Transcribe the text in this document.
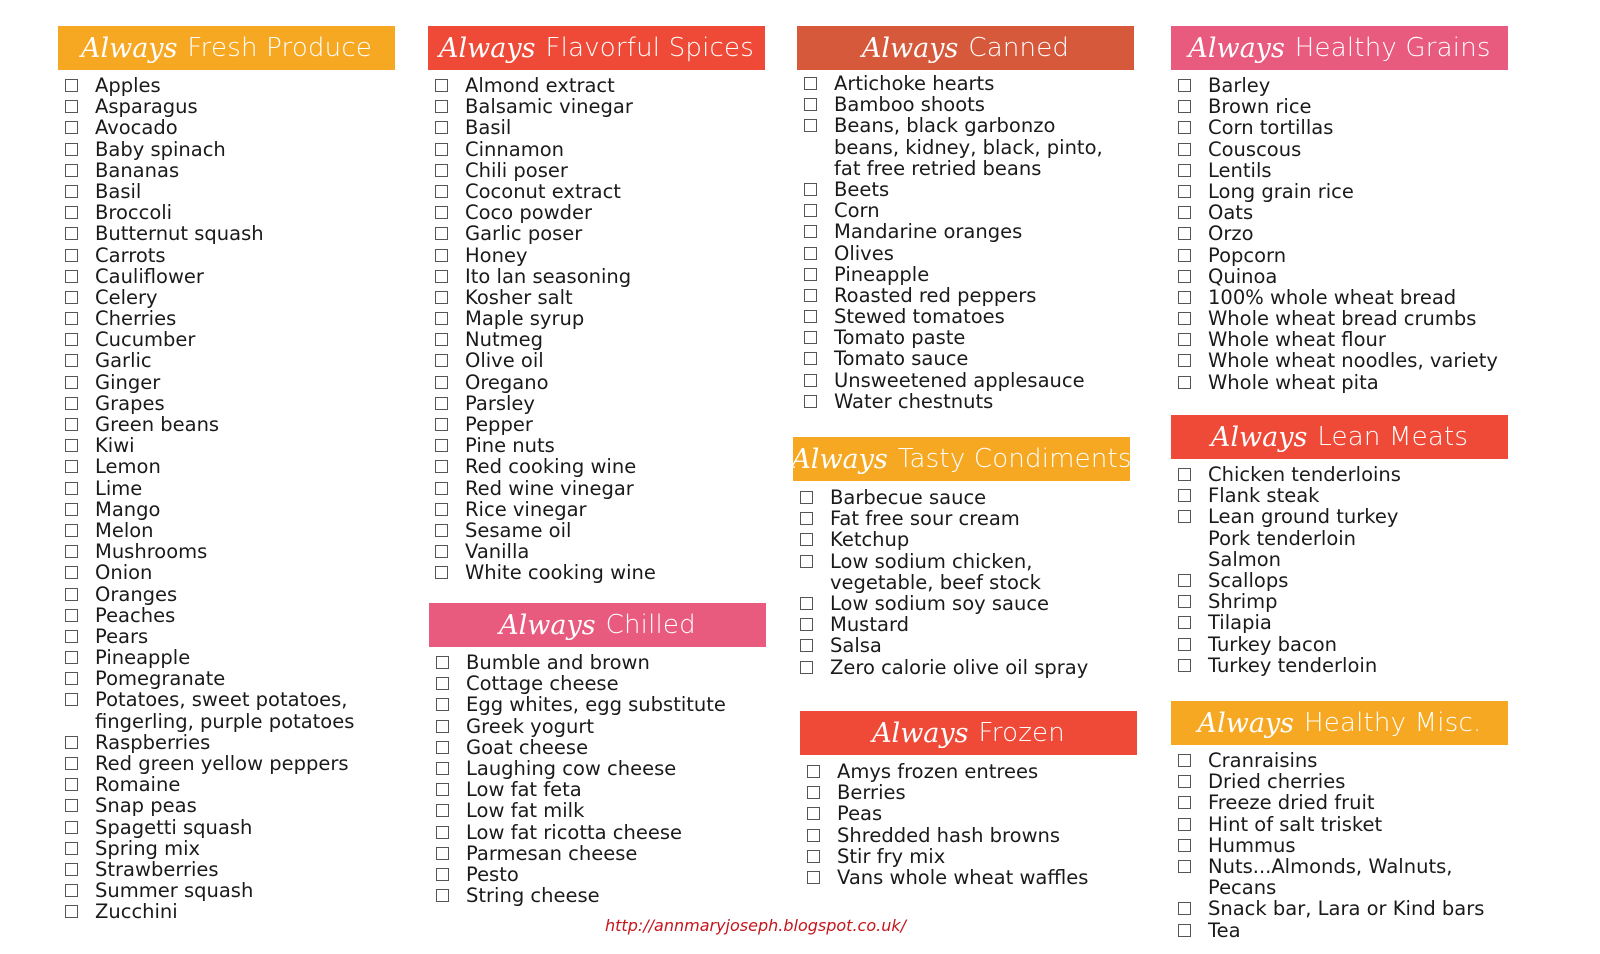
Always Fresh Produce
Apples
Asparagus
Avocado
Baby spinach
Bananas
Basil
Broccoli
Butternut squash
Carrots
Cauliflower
Celery
Cherries
Cucumber
Garlic
Ginger
Grapes
Green beans
Kiwi
Lemon
Lime
Mango
Melon
Mushrooms
Onion
Oranges
Peaches
Pears
Pineapple
Pomegranate
Potatoes, sweet potatoes,
fingerling, purple potatoes
Raspberries
Red green yellow peppers
Romaine
Snap peas
Spagetti squash
Spring mix
Strawberries
Summer squash
Zucchini
Always Flavorful Spices
Almond extract
Balsamic vinegar
Basil
Cinnamon
Chili poser
Coconut extract
Coco powder
Garlic poser
Honey
Ito lan seasoning
Kosher salt
Maple syrup
Nutmeg
Olive oil
Oregano
Parsley
Pepper
Pine nuts
Red cooking wine
Red wine vinegar
Rice vinegar
Sesame oil
Vanilla
White cooking wine
Always Chilled
Bumble and brown
Cottage cheese
Egg whites, egg substitute
Greek yogurt
Goat cheese
Laughing cow cheese
Low fat feta
Low fat milk
Low fat ricotta cheese
Parmesan cheese
Pesto
String cheese
Always Canned
Artichoke hearts
Bamboo shoots
Beans, black garbonzo
beans, kidney, black, pinto,
fat free retried beans
Beets
Corn
Mandarine oranges
Olives
Pineapple
Roasted red peppers
Stewed tomatoes
Tomato paste
Tomato sauce
Unsweetened applesauce
Water chestnuts
Always Tasty Condiments
Barbecue sauce
Fat free sour cream
Ketchup
Low sodium chicken,
vegetable, beef stock
Low sodium soy sauce
Mustard
Salsa
Zero calorie olive oil spray
Always Frozen
Amys frozen entrees
Berries
Peas
Shredded hash browns
Stir fry mix
Vans whole wheat waffles
Always Healthy Grains
Barley
Brown rice
Corn tortillas
Couscous
Lentils
Long grain rice
Oats
Orzo
Popcorn
Quinoa
100% whole wheat bread
Whole wheat bread crumbs
Whole wheat flour
Whole wheat noodles, variety
Whole wheat pita
Always Lean Meats
Chicken tenderloins
Flank steak
Lean ground turkey
Pork tenderloin
Salmon
Scallops
Shrimp
Tilapia
Turkey bacon
Turkey tenderloin
Always Healthy Misc.
Cranraisins
Dried cherries
Freeze dried fruit
Hint of salt trisket
Hummus
Nuts...Almonds, Walnuts,
Pecans
Snack bar, Lara or Kind bars
Tea
http://annmaryjoseph.blogspot.co.uk/
